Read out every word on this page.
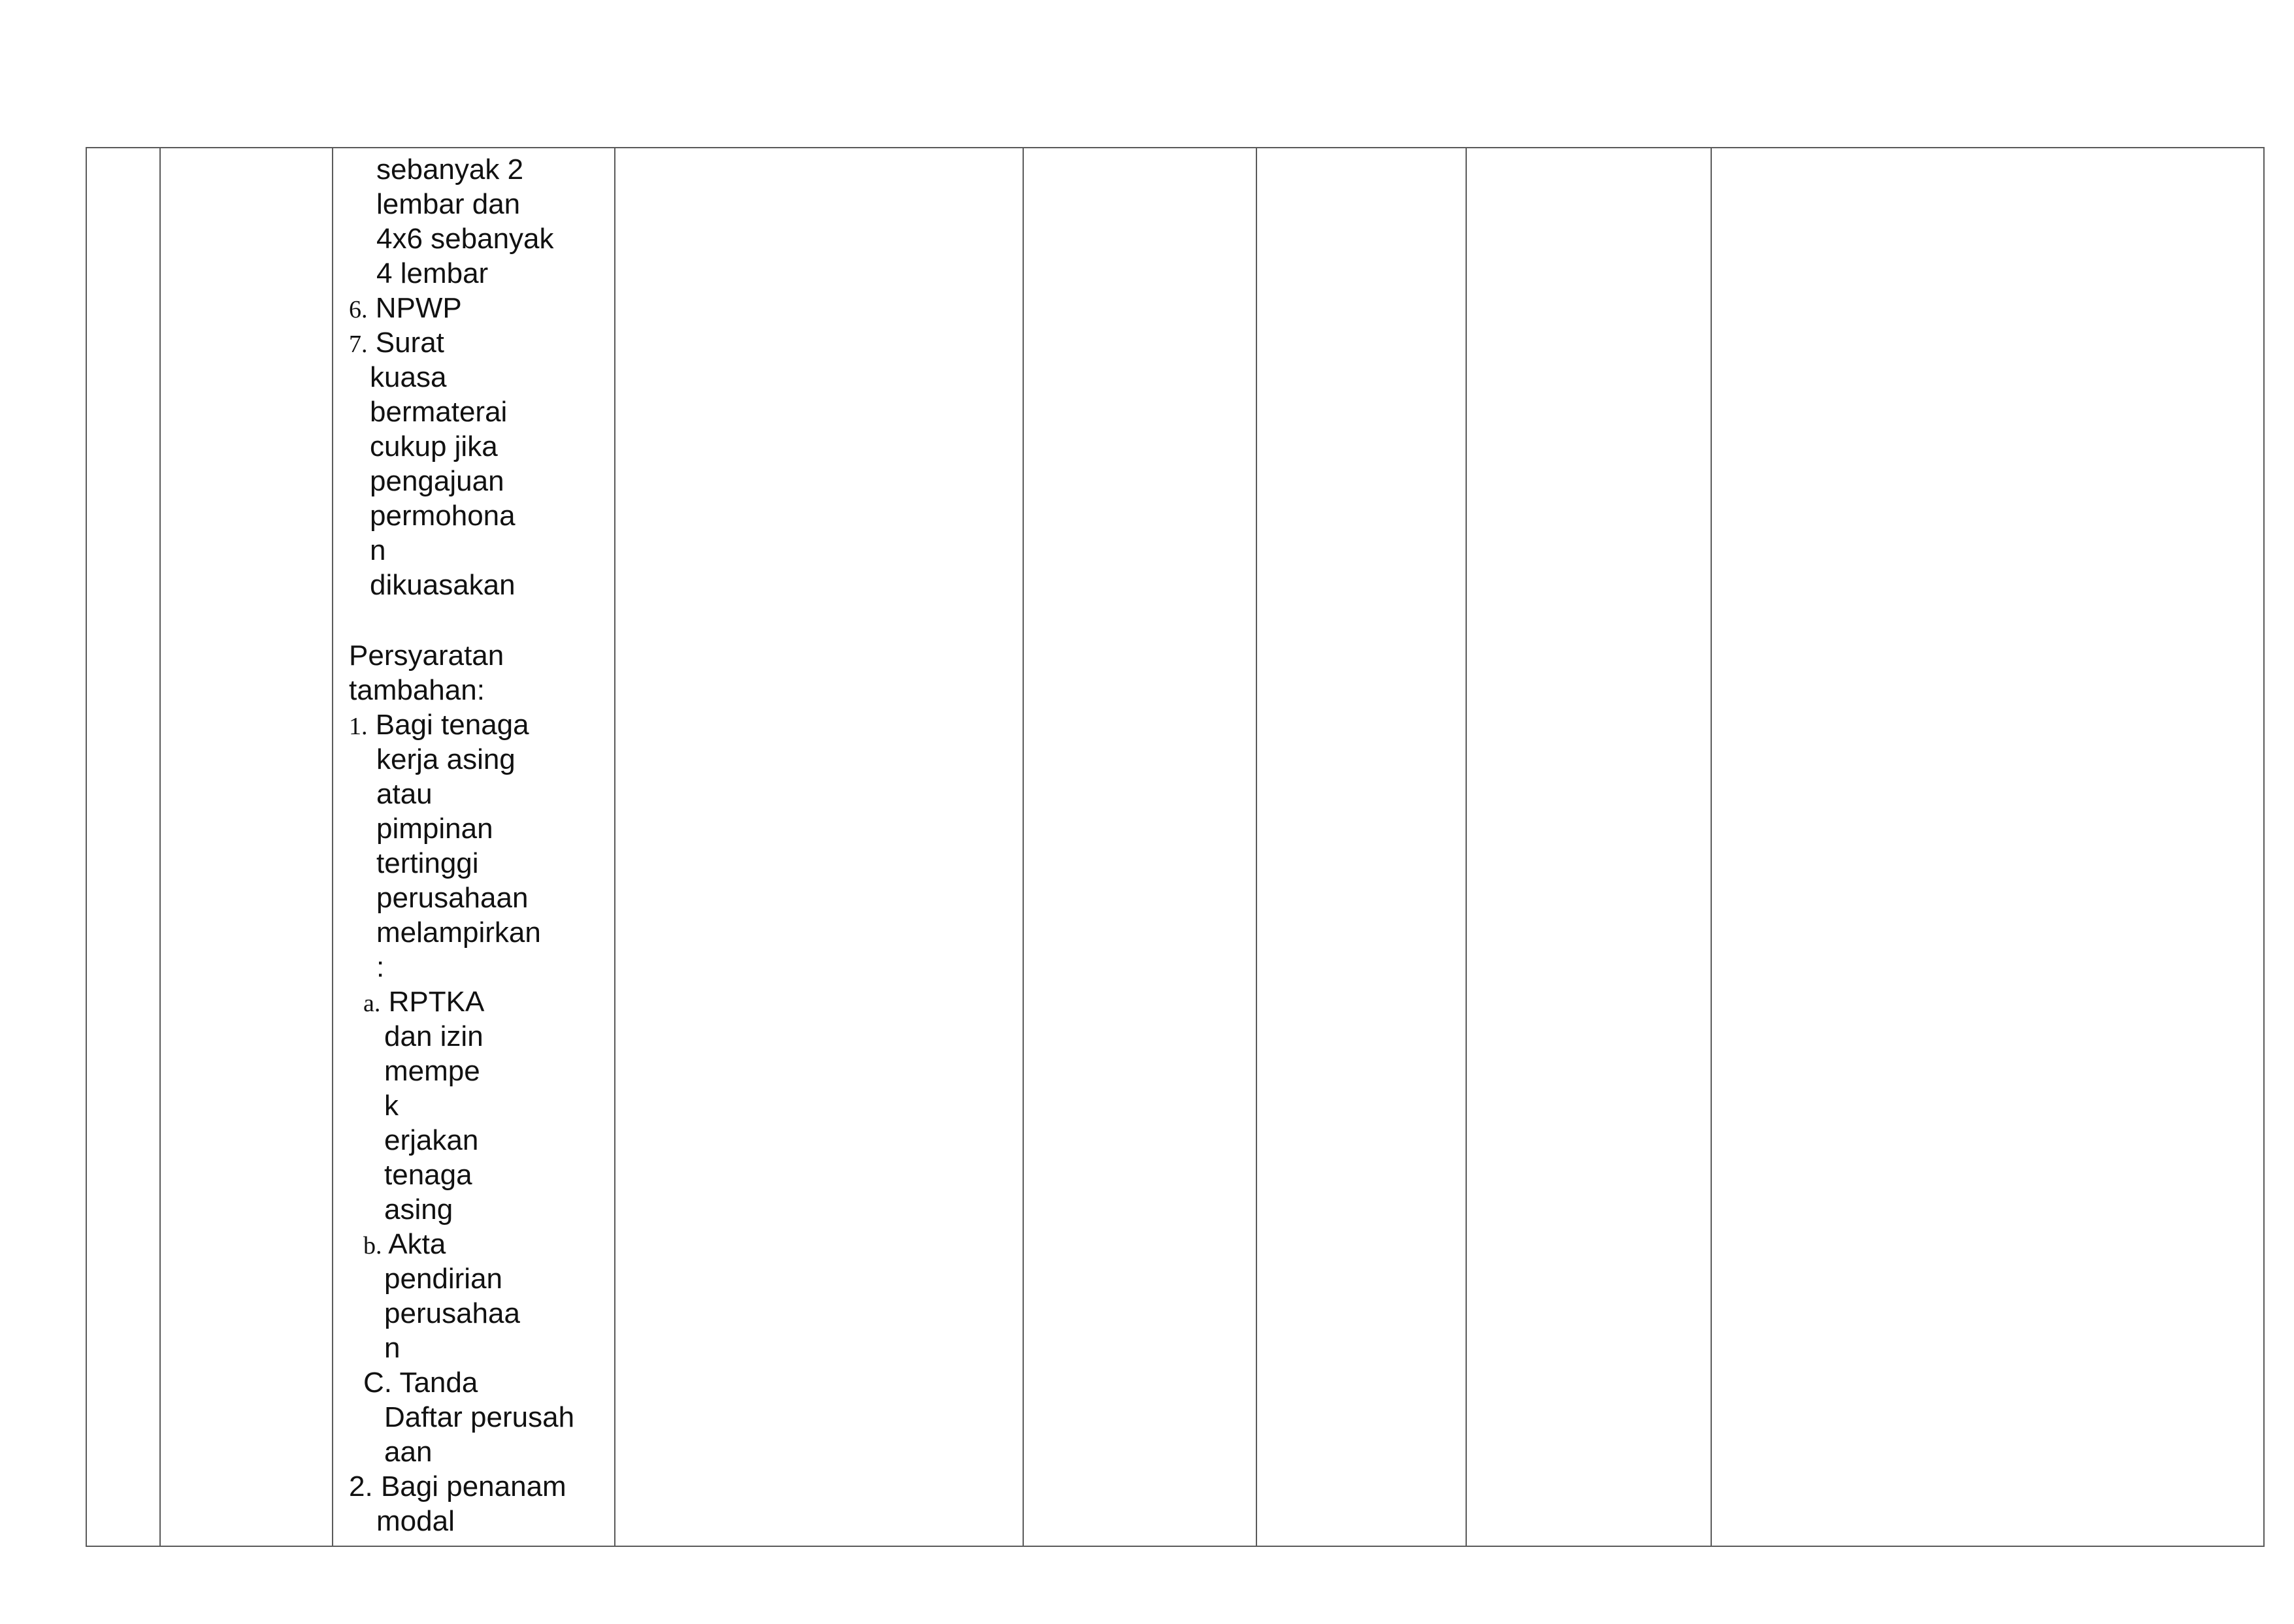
sebanyak 2
lembar dan
4x6 sebanyak
4 lembar
6. NPWP
7. Surat
kuasa
bermaterai
cukup jika
pengajuan
permohona
n
dikuasakan
Persyaratan
tambahan:
1. Bagi tenaga
kerja asing
atau
pimpinan
tertinggi
perusahaan
melampirkan
:
a. RPTKA
dan izin
mempe
k
erjakan
tenaga
asing
b. Akta
pendirian
perusahaa
n
C. Tanda
Daftar perusah
aan
2. Bagi penanam
modal
